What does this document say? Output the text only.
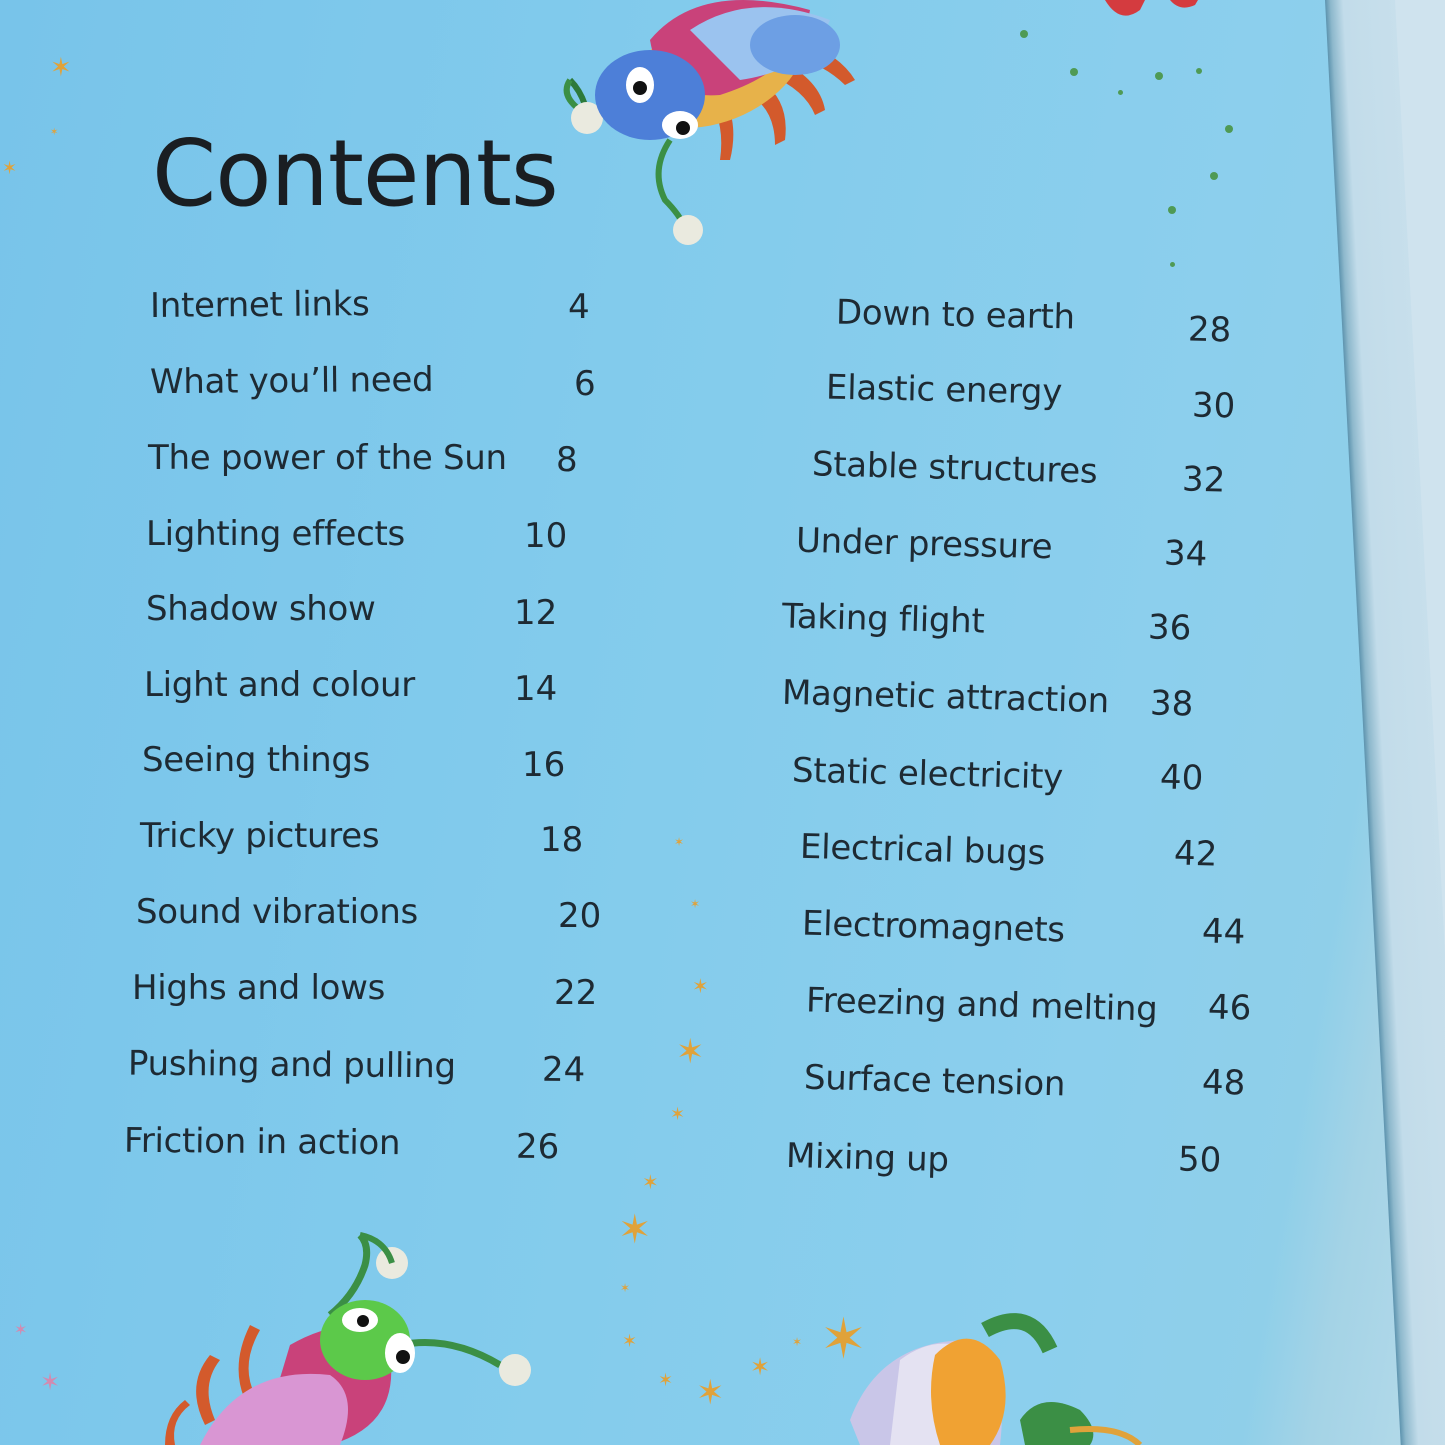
✶
✶
✶
✶
✶
✶
✶
✶
✶
✶
✶
✶
✶ ✶
✶ ✶
✶
✶
✶
Contents
Internet links	4
What you’ll need	6
The power of the Sun 8
Lighting effects	10
Shadow show	12
Light and colour	14
Seeing things	16
Tricky pictures	18
Sound vibrations	20
Highs and lows	22
Pushing and pulling	24
Friction in action	26
Down to earth	28
Elastic energy	30
Stable structures 32
Under pressure	34
Taking flight	36
Magnetic attraction 38
Static electricity	40
Electrical bugs	42
Electromagnets	44
Freezing and melting 46
Surface tension	48
Mixing up	50
